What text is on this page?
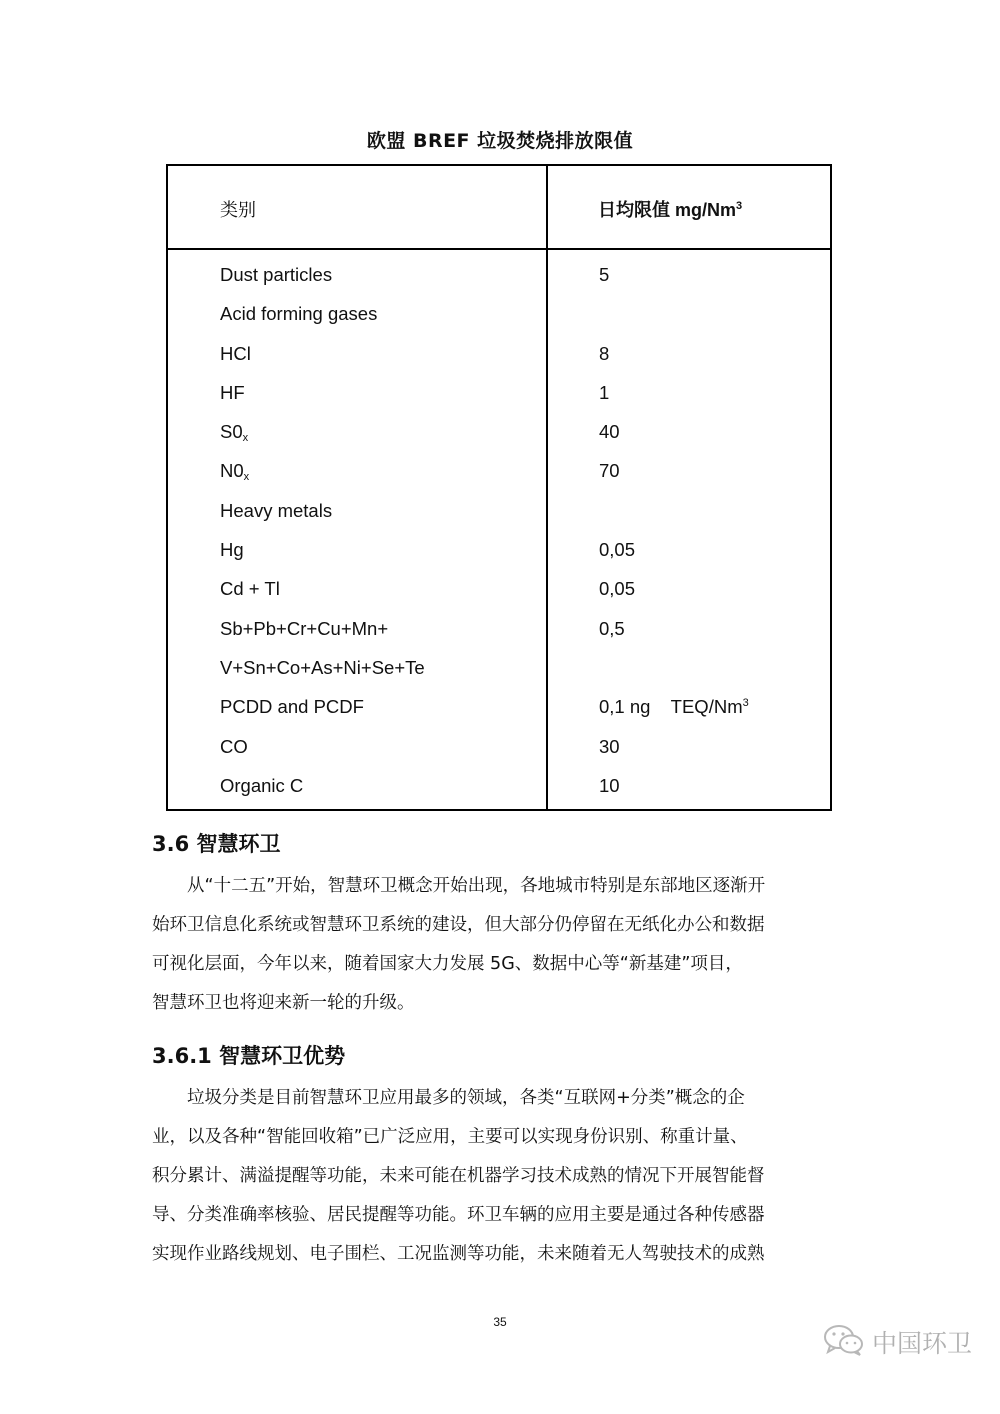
欧盟 BREF 垃圾焚烧排放限值
类别	日均限值 mg/Nm$^3$
Dust particles	5
Acid forming gases
HCl	8
HF	1
$S0_x$	40
$N0_x$	70
Heavy metals
Hg	0,05
Cd + Tl	0,05
Sb+Pb+Cr+Cu+Mn+	0,5
V+Sn+Co+As+Ni+Se+Te
PCDD and PCDF	0,1 ng    TEQ/Nm$^3$
CO	30
Organic C	10
3.6 智慧环卫
从“十二五”开始，智慧环卫概念开始出现，各地城市特别是东部地区逐渐开
始环卫信息化系统或智慧环卫系统的建设，但大部分仍停留在无纸化办公和数据
可视化层面，今年以来，随着国家大力发展 5G、数据中心等“新基建”项目，
智慧环卫也将迎来新一轮的升级。
3.6.1 智慧环卫优势
垃圾分类是目前智慧环卫应用最多的领域，各类“互联网+分类”概念的企
业，以及各种“智能回收箱”已广泛应用，主要可以实现身份识别、称重计量、
积分累计、满溢提醒等功能，未来可能在机器学习技术成熟的情况下开展智能督
导、分类准确率核验、居民提醒等功能。环卫车辆的应用主要是通过各种传感器
实现作业路线规划、电子围栏、工况监测等功能，未来随着无人驾驶技术的成熟
35
中国环卫
